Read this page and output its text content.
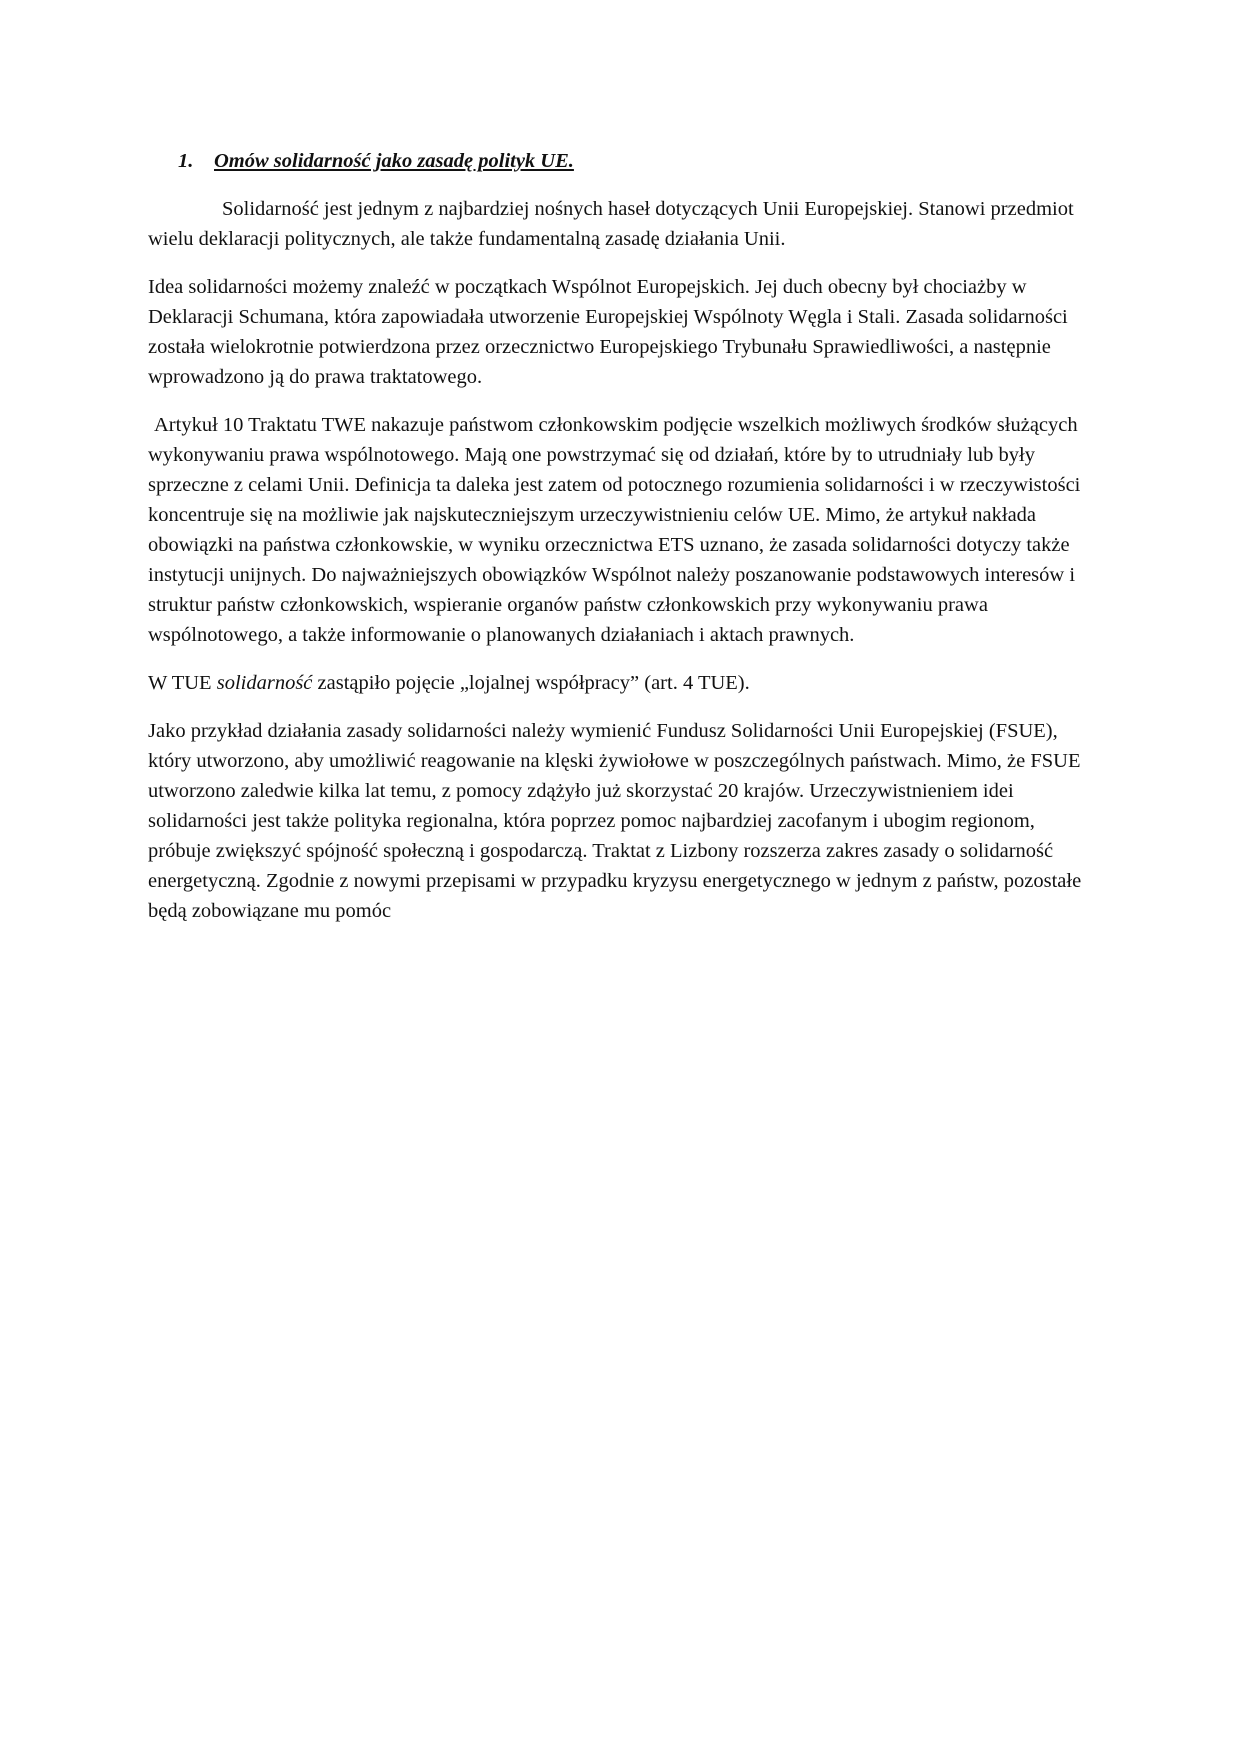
1. Omów solidarność jako zasadę polityk UE.

Solidarność jest jednym z najbardziej nośnych haseł dotyczących Unii Europejskiej. Stanowi przedmiot wielu deklaracji politycznych, ale także fundamentalną zasadę działania Unii.

Idea solidarności możemy znaleźć w początkach Wspólnot Europejskich. Jej duch obecny był chociażby w Deklaracji Schumana, która zapowiadała utworzenie Europejskiej Wspólnoty Węgla i Stali. Zasada solidarności została wielokrotnie potwierdzona przez orzecznictwo Europejskiego Trybunału Sprawiedliwości, a następnie wprowadzono ją do prawa traktatowego.

Artykuł 10 Traktatu TWE nakazuje państwom członkowskim podjęcie wszelkich możliwych środków służących wykonywaniu prawa wspólnotowego. Mają one powstrzymać się od działań, które by to utrudniały lub były sprzeczne z celami Unii. Definicja ta daleka jest zatem od potocznego rozumienia solidarności i w rzeczywistości koncentruje się na możliwie jak najskuteczniejszym urzeczywistnieniu celów UE. Mimo, że artykuł nakłada obowiązki na państwa członkowskie, w wyniku orzecznictwa ETS uznano, że zasada solidarności dotyczy także instytucji unijnych. Do najważniejszych obowiązków Wspólnot należy poszanowanie podstawowych interesów i struktur państw członkowskich, wspieranie organów państw członkowskich przy wykonywaniu prawa wspólnotowego, a także informowanie o planowanych działaniach i aktach prawnych.

W TUE solidarność zastąpiło pojęcie „lojalnej współpracy” (art. 4 TUE).

Jako przykład działania zasady solidarności należy wymienić Fundusz Solidarności Unii Europejskiej (FSUE), który utworzono, aby umożliwić reagowanie na klęski żywiołowe w poszczególnych państwach. Mimo, że FSUE utworzono zaledwie kilka lat temu, z pomocy zdążyło już skorzystać 20 krajów. Urzeczywistnieniem idei solidarności jest także polityka regionalna, która poprzez pomoc najbardziej zacofanym i ubogim regionom, próbuje zwiększyć spójność społeczną i gospodarczą. Traktat z Lizbony rozszerza zakres zasady o solidarność energetyczną. Zgodnie z nowymi przepisami w przypadku kryzysu energetycznego w jednym z państw, pozostałe będą zobowiązane mu pomóc
